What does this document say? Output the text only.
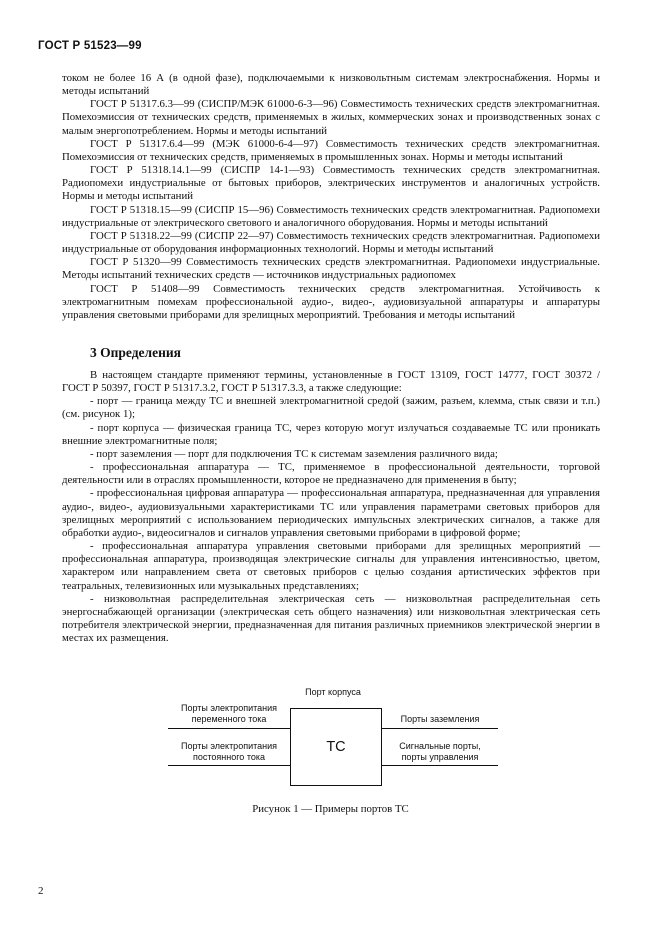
ГОСТ Р 51523—99

током не более 16 А (в одной фазе), подключаемыми к низковольтным системам электроснабжения. Нормы и методы испытаний

ГОСТ Р 51317.6.3—99 (СИСПР/МЭК 61000-6-3—96) Совместимость технических средств электромагнитная. Помехоэмиссия от технических средств, применяемых в жилых, коммерческих зонах и производственных зонах с малым энергопотреблением. Нормы и методы испытаний

ГОСТ Р 51317.6.4—99 (МЭК 61000-6-4—97) Совместимость технических средств электромагнитная. Помехоэмиссия от технических средств, применяемых в промышленных зонах. Нормы и методы испытаний

ГОСТ Р 51318.14.1—99 (СИСПР 14-1—93) Совместимость технических средств электромагнитная. Радиопомехи индустриальные от бытовых приборов, электрических инструментов и аналогичных устройств. Нормы и методы испытаний

ГОСТ Р 51318.15—99 (СИСПР 15—96) Совместимость технических средств электромагнитная. Радиопомехи индустриальные от электрического светового и аналогичного оборудования. Нормы и методы испытаний

ГОСТ Р 51318.22—99 (СИСПР 22—97) Совместимость технических средств электромагнитная. Радиопомехи индустриальные от оборудования информационных технологий. Нормы и методы испытаний

ГОСТ Р 51320—99 Совместимость технических средств электромагнитная. Радиопомехи индустриальные. Методы испытаний технических средств — источников индустриальных радиопомех

ГОСТ Р 51408—99 Совместимость технических средств электромагнитная. Устойчивость к электромагнитным помехам профессиональной аудио-, видео-, аудиовизуальной аппаратуры и аппаратуры управления световыми приборами для зрелищных мероприятий. Требования и методы испытаний

3 Определения

В настоящем стандарте применяют термины, установленные в ГОСТ 13109, ГОСТ 14777, ГОСТ 30372 / ГОСТ Р 50397, ГОСТ Р 51317.3.2, ГОСТ Р 51317.3.3, а также следующие:

- порт — граница между ТС и внешней электромагнитной средой (зажим, разъем, клемма, стык связи и т.п.) (см. рисунок 1);

- порт корпуса — физическая граница ТС, через которую могут излучаться создаваемые ТС или проникать внешние электромагнитные поля;

- порт заземления — порт для подключения ТС к системам заземления различного вида;

- профессиональная аппаратура — ТС, применяемое в профессиональной деятельности, торговой деятельности или в отраслях промышленности, которое не предназначено для применения в быту;

- профессиональная цифровая аппаратура — профессиональная аппаратура, предназначенная для управления аудио-, видео-, аудиовизуальными характеристиками ТС или управления параметрами световых приборов для зрелищных мероприятий с использованием периодических импульсных электрических сигналов, а также для обработки аудио-, видеосигналов и сигналов управления световыми приборами в цифровой форме;

- профессиональная аппаратура управления световыми приборами для зрелищных мероприятий — профессиональная аппаратура, производящая электрические сигналы для управления интенсивностью, цветом, характером или направлением света от световых приборов с целью создания артистических эффектов при театральных, телевизионных или музыкальных представлениях;

- низковольтная распределительная электрическая сеть — низковольтная распределительная сеть энергоснабжающей организации (электрическая сеть общего назначения) или низковольтная электрическая сеть потребителя электрической энергии, предназначенная для питания различных приемников электрической энергии в местах их размещения.

Порт корпуса
ТС
Порты электропитания
переменного тока
Порты электропитания
постоянного тока
Порты заземления
Сигнальные порты,
порты управления
Рисунок 1 — Примеры портов ТС
2
